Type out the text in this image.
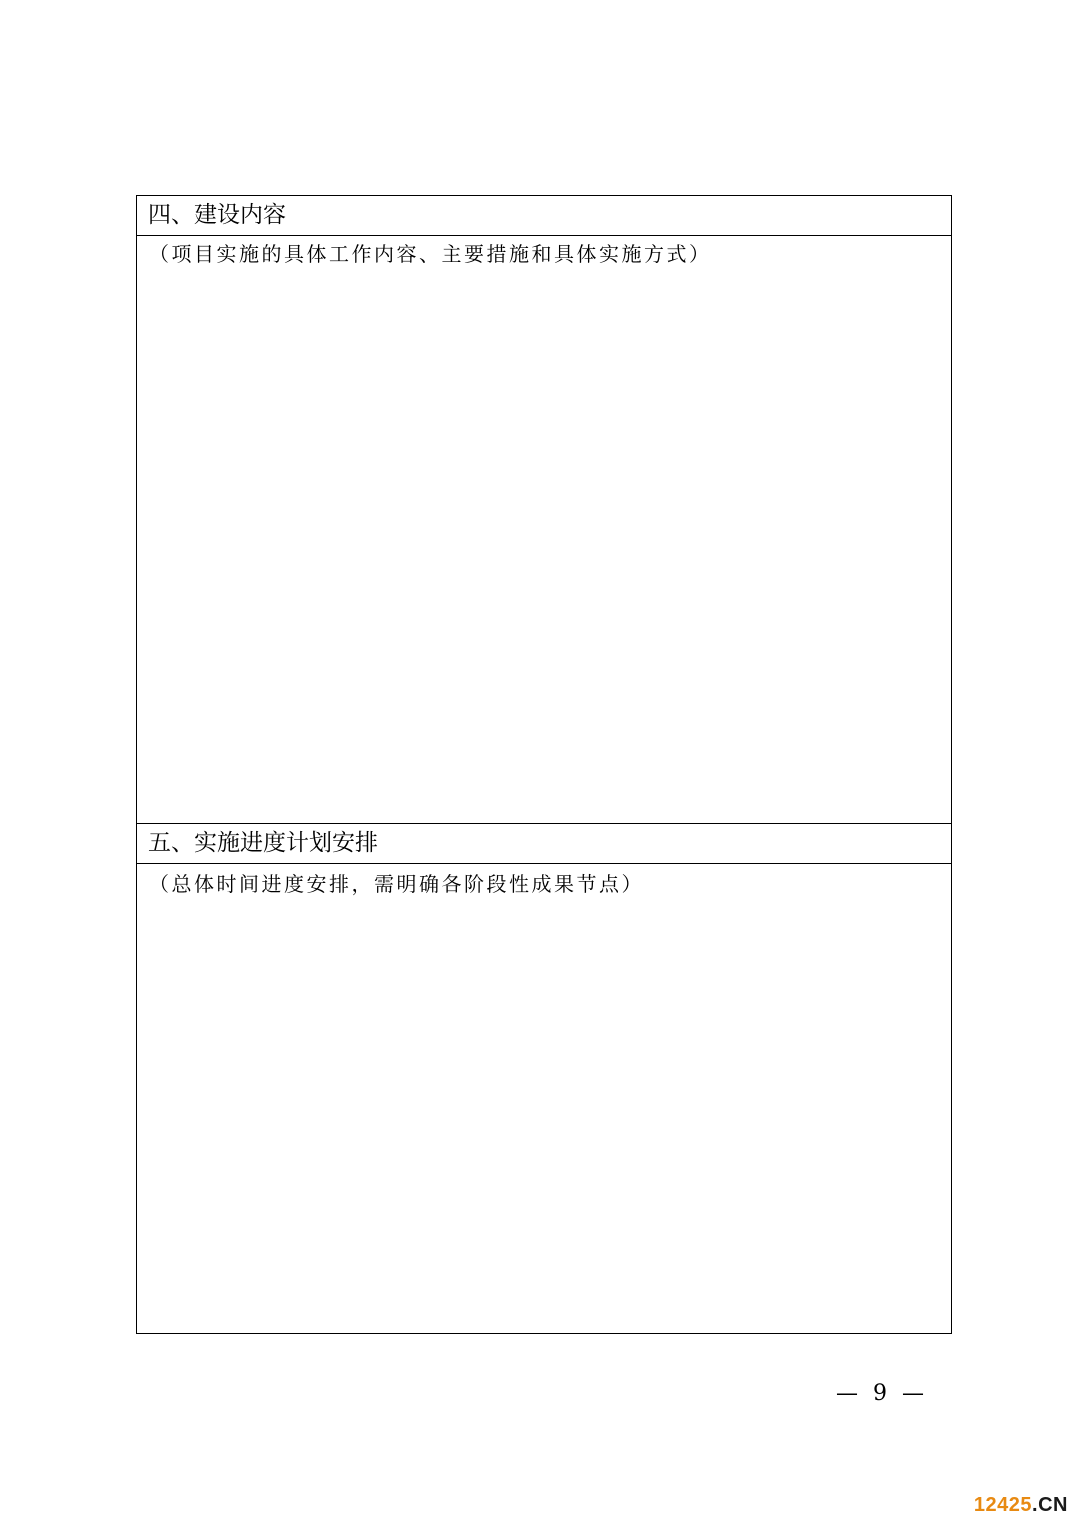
四、建设内容
（项目实施的具体工作内容、主要措施和具体实施方式）
五、实施进度计划安排
（总体时间进度安排，需明确各阶段性成果节点）
— 9 —
12425.CN
